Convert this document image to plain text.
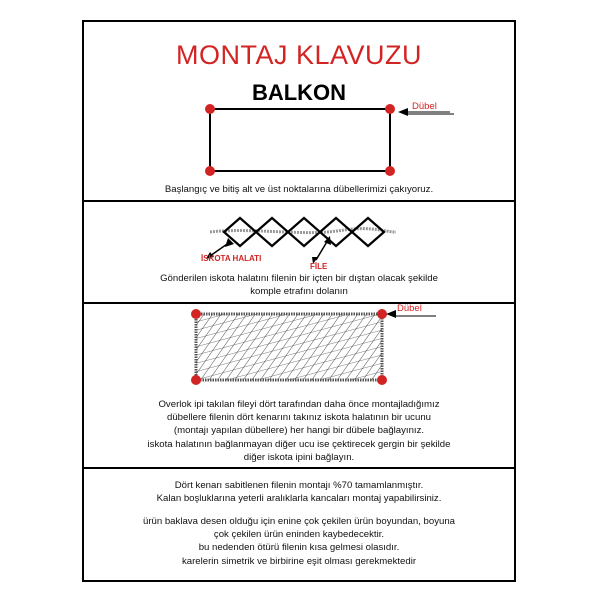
MONTAJ KLAVUZU
BALKON
Dübel
Başlangıç ve bitiş alt ve üst noktalarına dübellerimizi çakıyoruz.
İSKOTA HALATI
FİLE
Gönderilen iskota halatını filenin bir içten bir dıştan olacak şekilde
komple etrafını dolanın
Dübel
Overlok ipi takılan fileyi dört tarafından daha önce montajladığımız
dübellere filenin dört kenarını takınız iskota halatının bir ucunu
(montajı yapılan dübellere) her hangi bir dübele bağlayınız.
iskota halatının bağlanmayan diğer ucu ise çektirecek gergin bir şekilde
diğer iskota ipini bağlayın.
Dört kenarı sabitlenen filenin montajı %70 tamamlanmıştır.
Kalan boşluklarına yeterli aralıklarla kancaları montaj yapabilirsiniz.
ürün baklava desen olduğu için enine çok çekilen ürün boyundan, boyuna
çok çekilen ürün eninden kaybedecektir.
bu nedenden ötürü filenin kısa gelmesi olasıdır.
karelerin simetrik ve birbirine eşit olması gerekmektedir
